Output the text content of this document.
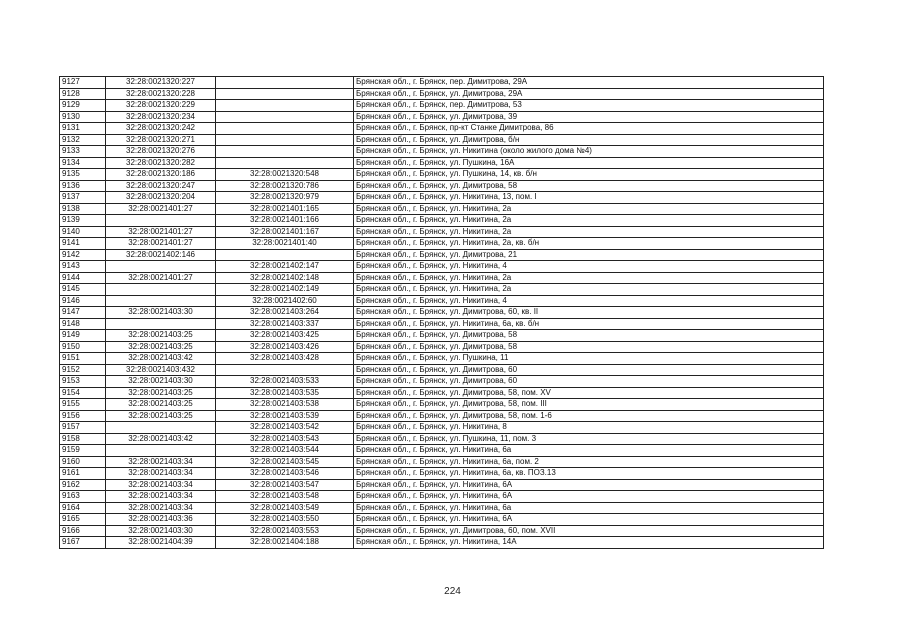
9127	32:28:0021320:227		Брянская обл., г. Брянск, пер. Димитрова, 29А
9128	32:28:0021320:228		Брянская обл., г. Брянск, ул. Димитрова, 29А
9129	32:28:0021320:229		Брянская обл., г. Брянск, пер. Димитрова, 53
9130	32:28:0021320:234		Брянская обл., г. Брянск, ул. Димитрова, 39
9131	32:28:0021320:242		Брянская обл., г. Брянск, пр-кт Станке Димитрова, 86
9132	32:28:0021320:271		Брянская обл., г. Брянск, ул. Димитрова, б/н
9133	32:28:0021320:276		Брянская обл., г. Брянск, ул. Никитина (около жилого дома №4)
9134	32:28:0021320:282		Брянская обл., г. Брянск, ул. Пушкина, 16А
9135	32:28:0021320:186	32:28:0021320:548	Брянская обл., г. Брянск, ул. Пушкина, 14, кв. б/н
9136	32:28:0021320:247	32:28:0021320:786	Брянская обл., г. Брянск, ул. Димитрова, 58
9137	32:28:0021320:204	32:28:0021320:979	Брянская обл., г. Брянск, ул. Никитина, 13, пом. I
9138	32:28:0021401:27	32:28:0021401:165	Брянская обл., г. Брянск, ул. Никитина, 2а
9139		32:28:0021401:166	Брянская обл., г. Брянск, ул. Никитина, 2а
9140	32:28:0021401:27	32:28:0021401:167	Брянская обл., г. Брянск, ул. Никитина, 2а
9141	32:28:0021401:27	32:28:0021401:40	Брянская обл., г. Брянск, ул. Никитина, 2а, кв. б/н
9142	32:28:0021402:146		Брянская обл., г. Брянск, ул. Димитрова, 21
9143		32:28:0021402:147	Брянская обл., г. Брянск, ул. Никитина, 4
9144	32:28:0021401:27	32:28:0021402:148	Брянская обл., г. Брянск, ул. Никитина, 2а
9145		32:28:0021402:149	Брянская обл., г. Брянск, ул. Никитина, 2а
9146		32:28:0021402:60	Брянская обл., г. Брянск, ул. Никитина, 4
9147	32:28:0021403:30	32:28:0021403:264	Брянская обл., г. Брянск, ул. Димитрова, 60, кв. II
9148		32:28:0021403:337	Брянская обл., г. Брянск, ул. Никитина, 6а, кв. б/н
9149	32:28:0021403:25	32:28:0021403:425	Брянская обл., г. Брянск, ул. Димитрова, 58
9150	32:28:0021403:25	32:28:0021403:426	Брянская обл., г. Брянск, ул. Димитрова, 58
9151	32:28:0021403:42	32:28:0021403:428	Брянская обл., г. Брянск, ул. Пушкина, 11
9152	32:28:0021403:432		Брянская обл., г. Брянск, ул. Димитрова, 60
9153	32:28:0021403:30	32:28:0021403:533	Брянская обл., г. Брянск, ул. Димитрова, 60
9154	32:28:0021403:25	32:28:0021403:535	Брянская обл., г. Брянск, ул. Димитрова, 58, пом. XV
9155	32:28:0021403:25	32:28:0021403:538	Брянская обл., г. Брянск, ул. Димитрова, 58, пом. III
9156	32:28:0021403:25	32:28:0021403:539	Брянская обл., г. Брянск, ул. Димитрова, 58, пом. 1-6
9157		32:28:0021403:542	Брянская обл., г. Брянск, ул. Никитина, 8
9158	32:28:0021403:42	32:28:0021403:543	Брянская обл., г. Брянск, ул. Пушкина, 11, пом. 3
9159		32:28:0021403:544	Брянская обл., г. Брянск, ул. Никитина, 6а
9160	32:28:0021403:34	32:28:0021403:545	Брянская обл., г. Брянск, ул. Никитина, 6а, пом. 2
9161	32:28:0021403:34	32:28:0021403:546	Брянская обл., г. Брянск, ул. Никитина, 6а, кв. ПОЗ.13
9162	32:28:0021403:34	32:28:0021403:547	Брянская обл., г. Брянск, ул. Никитина, 6А
9163	32:28:0021403:34	32:28:0021403:548	Брянская обл., г. Брянск, ул. Никитина, 6А
9164	32:28:0021403:34	32:28:0021403:549	Брянская обл., г. Брянск, ул. Никитина, 6а
9165	32:28:0021403:36	32:28:0021403:550	Брянская обл., г. Брянск, ул. Никитина, 6А
9166	32:28:0021403:30	32:28:0021403:553	Брянская обл., г. Брянск, ул. Димитрова, 60, пом. XVII
9167	32:28:0021404:39	32:28:0021404:188	Брянская обл., г. Брянск, ул. Никитина, 14А
224
